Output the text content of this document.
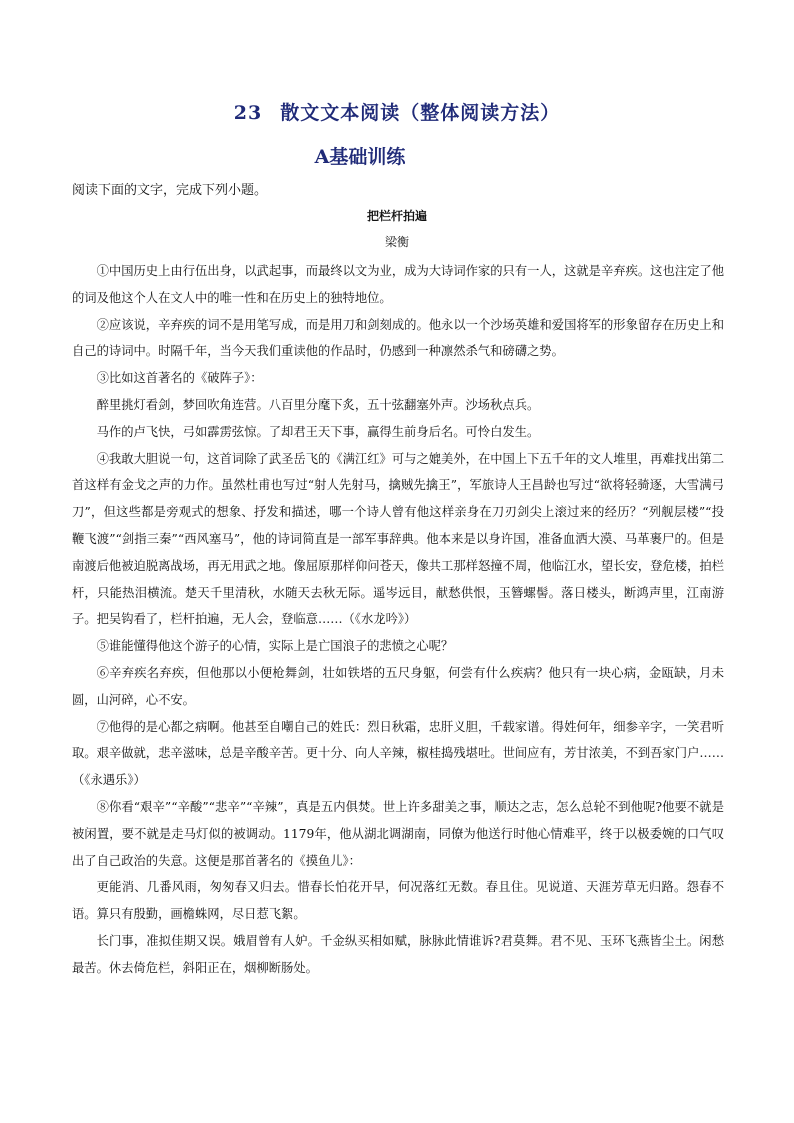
23 散文文本阅读（整体阅读方法）
A基础训练
阅读下面的文字，完成下列小题。
把栏杆拍遍
梁衡

①中国历史上由行伍出身，以武起事，而最终以文为业，成为大诗词作家的只有一人，这就是辛弃疾。这也注定了他的词及他这个人在文人中的唯一性和在历史上的独特地位。

②应该说，辛弃疾的词不是用笔写成，而是用刀和剑刻成的。他永以一个沙场英雄和爱国将军的形象留存在历史上和自己的诗词中。时隔千年，当今天我们重读他的作品时，仍感到一种凛然杀气和磅礴之势。

③比如这首著名的《破阵子》：

醉里挑灯看剑，梦回吹角连营。八百里分麾下炙，五十弦翻塞外声。沙场秋点兵。

马作的卢飞快，弓如霹雳弦惊。了却君王天下事，赢得生前身后名。可怜白发生。

④我敢大胆说一句，这首词除了武圣岳飞的《满江红》可与之媲美外，在中国上下五千年的文人堆里，再难找出第二首这样有金戈之声的力作。虽然杜甫也写过“射人先射马，擒贼先擒王”，军旅诗人王昌龄也写过“欲将轻骑逐，大雪满弓刀”，但这些都是旁观式的想象、抒发和描述，哪一个诗人曾有他这样亲身在刀刃剑尖上滚过来的经历？“列舰层楼”“投鞭飞渡”“剑指三秦”“西风塞马”，他的诗词简直是一部军事辞典。他本来是以身许国，准备血洒大漠、马革裹尸的。但是南渡后他被迫脱离战场，再无用武之地。像屈原那样仰问苍天，像共工那样怒撞不周，他临江水，望长安，登危楼，拍栏杆，只能热泪横流。楚天千里清秋，水随天去秋无际。遥岑远目，献愁供恨，玉簪螺髻。落日楼头，断鸿声里，江南游子。把吴钩看了，栏杆拍遍，无人会，登临意……（《水龙吟》）

⑤谁能懂得他这个游子的心情，实际上是亡国浪子的悲愤之心呢？

⑥辛弃疾名弃疾，但他那以小便枪舞剑，壮如铁塔的五尺身躯，何尝有什么疾病？他只有一块心病，金瓯缺，月未圆，山河碎，心不安。

⑦他得的是心都之病啊。他甚至自嘲自己的姓氏：烈日秋霜，忠肝义胆，千载家谱。得姓何年，细参辛字，一笑君听取。艰辛做就，悲辛滋味，总是辛酸辛苦。更十分、向人辛辣，椒桂捣残堪吐。世间应有，芳甘浓美，不到吾家门户……（《永遇乐》）

⑧你看“艰辛”“辛酸”“悲辛”“辛辣”，真是五内俱焚。世上许多甜美之事，顺达之志，怎么总轮不到他呢?他要不就是被闲置，要不就是走马灯似的被调动。1179年，他从湖北调湖南，同僚为他送行时他心情难平，终于以极委婉的口气叹出了自己政治的失意。这便是那首著名的《摸鱼儿》：

更能消、几番风雨，匆匆春又归去。惜春长怕花开早，何况落红无数。春且住。见说道、天涯芳草无归路。怨春不语。算只有殷勤，画檐蛛网，尽日惹飞絮。

长门事，准拟佳期又误。娥眉曾有人妒。千金纵买相如赋，脉脉此情谁诉?君莫舞。君不见、玉环飞燕皆尘土。闲愁最苦。休去倚危栏，斜阳正在，烟柳断肠处。
